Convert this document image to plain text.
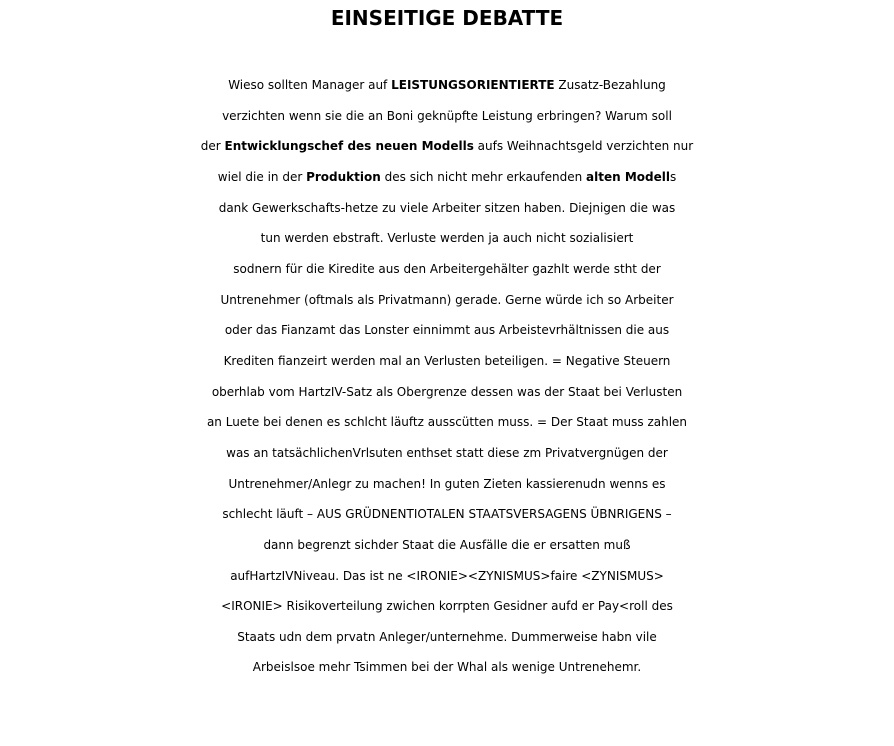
EINSEITIGE DEBATTE
Wieso sollten Manager auf LEISTUNGSORIENTIERTE Zusatz-Bezahlung
verzichten wenn sie die an Boni geknüpfte Leistung erbringen? Warum soll
der Entwicklungschef des neuen Modells aufs Weihnachtsgeld verzichten nur
wiel die in der Produktion des sich nicht mehr erkaufenden alten Modells
dank Gewerkschafts-hetze zu viele Arbeiter sitzen haben. Diejnigen die was
tun werden ebstraft. Verluste werden ja auch nicht sozialisiert
sodnern für die Kiredite aus den Arbeitergehälter gazhlt werde stht der
Untrenehmer (oftmals als Privatmann) gerade. Gerne würde ich so Arbeiter
oder das Fianzamt das Lonster einnimmt aus Arbeistevrhältnissen die aus
Krediten fianzeirt werden mal an Verlusten beteiligen. = Negative Steuern
oberhlab vom HartzIV-Satz als Obergrenze dessen was der Staat bei Verlusten
an Luete bei denen es schlcht läuftz ausscütten muss. = Der Staat muss zahlen
was an tatsächlichenVrlsuten enthset statt diese zm Privatvergnügen der
Untrenehmer/Anlegr zu machen! In guten Zieten kassierenudn wenns es
schlecht läuft – AUS GRÜDNENTIOTALEN STAATSVERSAGENS ÜBNRIGENS –
dann begrenzt sichder Staat die Ausfälle die er ersatten muß
aufHartzIVNiveau. Das ist ne <IRONIE><ZYNISMUS>faire <ZYNISMUS>
<IRONIE> Risikoverteilung zwichen korrpten Gesidner aufd er Pay<roll des
Staats udn dem prvatn Anleger/unternehme. Dummerweise habn vile
Arbeislsoe mehr Tsimmen bei der Whal als wenige Untrenehemr.
